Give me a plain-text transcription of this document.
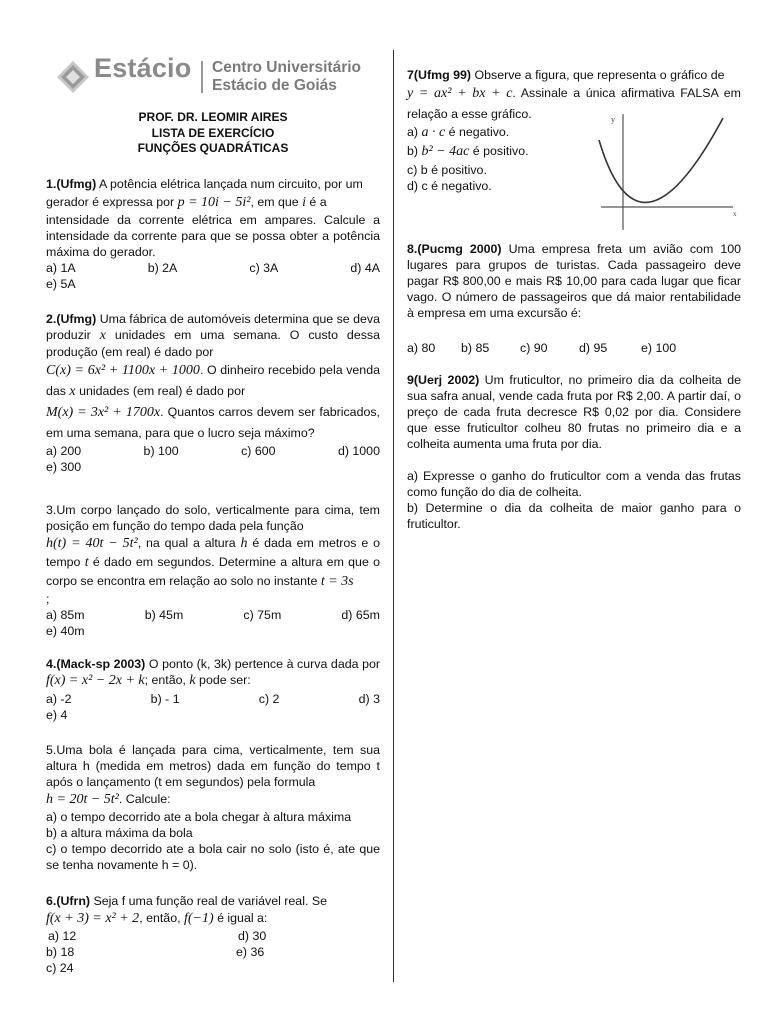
Estácio Centro Universitário
Estácio de Goiás
PROF. DR. LEOMIR AIRES
LISTA DE EXERCÍCIO
FUNÇÕES QUADRÁTICAS
1.(Ufmg) A potência elétrica lançada num circuito, por um
gerador é expressa por p = 10i − 5i², em que i é a
intensidade da corrente elétrica em ampares. Calcule a intensidade da corrente para que se possa obter a potência máxima do gerador.
a) 1A	b) 2A	c) 3A	d) 4A
e) 5A
2.(Ufmg) Uma fábrica de automóveis determina que se deva produzir x unidades em uma semana. O custo dessa produção (em real) é dado por
C(x) = 6x² + 1100x + 1000. O dinheiro recebido pela venda das x unidades (em real) é dado por
M(x) = 3x² + 1700x. Quantos carros devem ser fabricados, em uma semana, para que o lucro seja máximo?
a) 200	b) 100	c) 600	d) 1000
e) 300
3.Um corpo lançado do solo, verticalmente para cima, tem posição em função do tempo dada pela função
h(t) = 40t − 5t², na qual a altura h é dada em metros e o tempo t é dado em segundos. Determine a altura em que o corpo se encontra em relação ao solo no instante t = 3s
;
a) 85m	b) 45m	c) 75m	d) 65m
e) 40m
4.(Mack-sp 2003) O ponto (k, 3k) pertence à curva dada por f(x) = x² − 2x + k; então, k pode ser:
a) -2	b) - 1	c) 2	d) 3
e) 4
5.Uma bola é lançada para cima, verticalmente, tem sua altura h (medida em metros) dada em função do tempo t após o lançamento (t em segundos) pela formula
h = 20t − 5t². Calcule:
a) o tempo decorrido ate a bola chegar à altura máxima
b) a altura máxima da bola
c) o tempo decorrido ate a bola cair no solo (isto é, ate que se tenha novamente h = 0).
6.(Ufrn) Seja f uma função real de variável real. Se
f(x + 3) = x² + 2, então, f(−1) é igual a:
a) 12	d) 30
b) 18	e) 36
c) 24
7(Ufmg 99) Observe a figura, que representa o gráfico de
y = ax² + bx + c. Assinale a única afirmativa FALSA em relação a esse gráfico.
a) a · c é negativo.
b) b² − 4ac é positivo.
c) b é positivo.
d) c é negativo.
y
x
8.(Pucmg 2000) Uma empresa freta um avião com 100 lugares para grupos de turistas. Cada passageiro deve pagar R$ 800,00 e mais R$ 10,00 para cada lugar que ficar vago. O número de passageiros que dá maior rentabilidade à empresa em uma excursão é:
a) 80	b) 85	c) 90	d) 95	e) 100
9(Uerj 2002) Um fruticultor, no primeiro dia da colheita de sua safra anual, vende cada fruta por R$ 2,00. A partir daí, o preço de cada fruta decresce R$ 0,02 por dia. Considere que esse fruticultor colheu 80 frutas no primeiro dia e a colheita aumenta uma fruta por dia.
a) Expresse o ganho do fruticultor com a venda das frutas como função do dia de colheita.
b) Determine o dia da colheita de maior ganho para o fruticultor.
